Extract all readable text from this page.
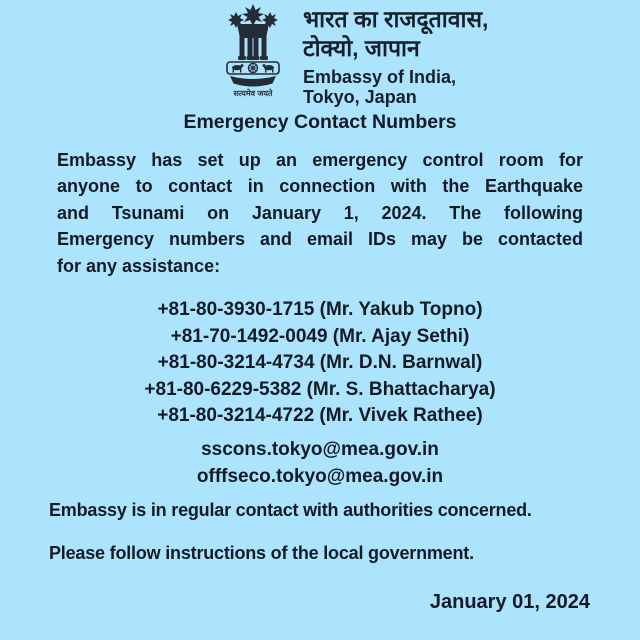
सत्यमेव जयते
भारत का राजदूतावास,
टोक्यो, जापान
Embassy of India,
Tokyo, Japan
Emergency Contact Numbers
Embassy has set up an emergency control room for
anyone to contact in connection with the Earthquake
and Tsunami on January 1, 2024. The following
Emergency numbers and email IDs may be contacted
for any assistance:
+81-80-3930-1715 (Mr. Yakub Topno)
+81-70-1492-0049 (Mr. Ajay Sethi)
+81-80-3214-4734 (Mr. D.N. Barnwal)
+81-80-6229-5382 (Mr. S. Bhattacharya)
+81-80-3214-4722 (Mr. Vivek Rathee)
sscons.tokyo@mea.gov.in
offfseco.tokyo@mea.gov.in
Embassy is in regular contact with authorities concerned.
Please follow instructions of the local government.
January 01, 2024
